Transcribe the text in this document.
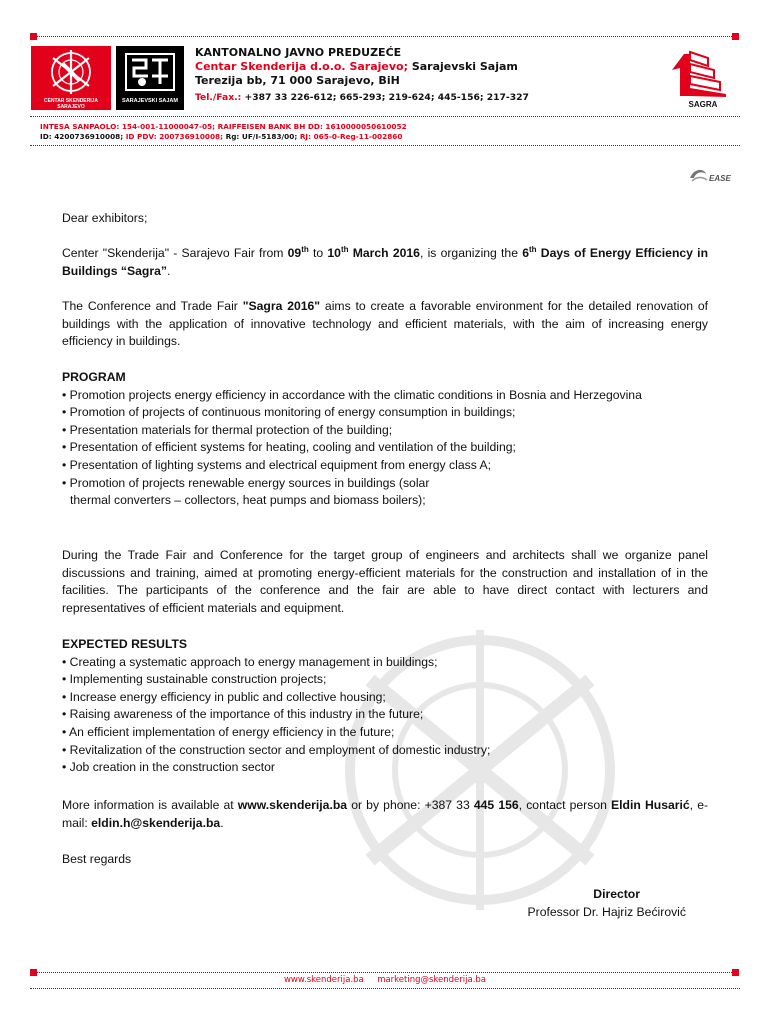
CENTAR SKENDERIJA SARAJEVO
SARAJEVSKI SAJAM
KANTONALNO JAVNO PREDUZEĆE
Centar Skenderija d.o.o. Sarajevo; Sarajevski Sajam
Terezija bb, 71 000 Sarajevo, BiH
Tel./Fax.: +387 33 226-612; 665-293; 219-624; 445-156; 217-327
SAGRA
INTESA SANPAOLO: 154-001-11000047-05; RAIFFEISEN BANK BH DD: 1610000050610052
ID: 4200736910008; ID PDV: 200736910008; Rg: UF/I-5183/00; RJ: 065-0-Reg-11-002860
EASE

Dear exhibitors;

Center "Skenderija" - Sarajevo Fair from 09th to 10th March 2016, is organizing the 6th Days of Energy Efficiency in Buildings “Sagra”.
The Conference and Trade Fair "Sagra 2016" aims to create a favorable environment for the detailed renovation of buildings with the application of innovative technology and efficient materials, with the aim of increasing energy efficiency in buildings.

PROGRAM

• Promotion projects energy efficiency in accordance with the climatic conditions in Bosnia and Herzegovina

• Promotion of projects of continuous monitoring of energy consumption in buildings;

• Presentation materials for thermal protection of the building;

• Presentation of efficient systems for heating, cooling and ventilation of the building;

• Presentation of lighting systems and electrical equipment from energy class A;

• Promotion of projects renewable energy sources in buildings (solar thermal converters – collectors, heat pumps and biomass boilers);

During the Trade Fair and Conference for the target group of engineers and architects shall we organize panel discussions and training, aimed at promoting energy-efficient materials for the construction and installation of in the facilities. The participants of the conference and the fair are able to have direct contact with lecturers and representatives of efficient materials and equipment.

EXPECTED RESULTS

• Creating a systematic approach to energy management in buildings;

• Implementing sustainable construction projects;

• Increase energy efficiency in public and collective housing;

• Raising awareness of the importance of this industry in the future;

• An efficient implementation of energy efficiency in the future;

• Revitalization of the construction sector and employment of domestic industry;

• Job creation in the construction sector

More information is available at www.skenderija.ba or by phone: +387 33 445 156, contact person Eldin Husarić, e-mail: eldin.h@skenderija.ba.

Best regards

Director
Professor Dr. Hajriz Bećirović
www.skenderija.ba marketing@skenderija.ba
